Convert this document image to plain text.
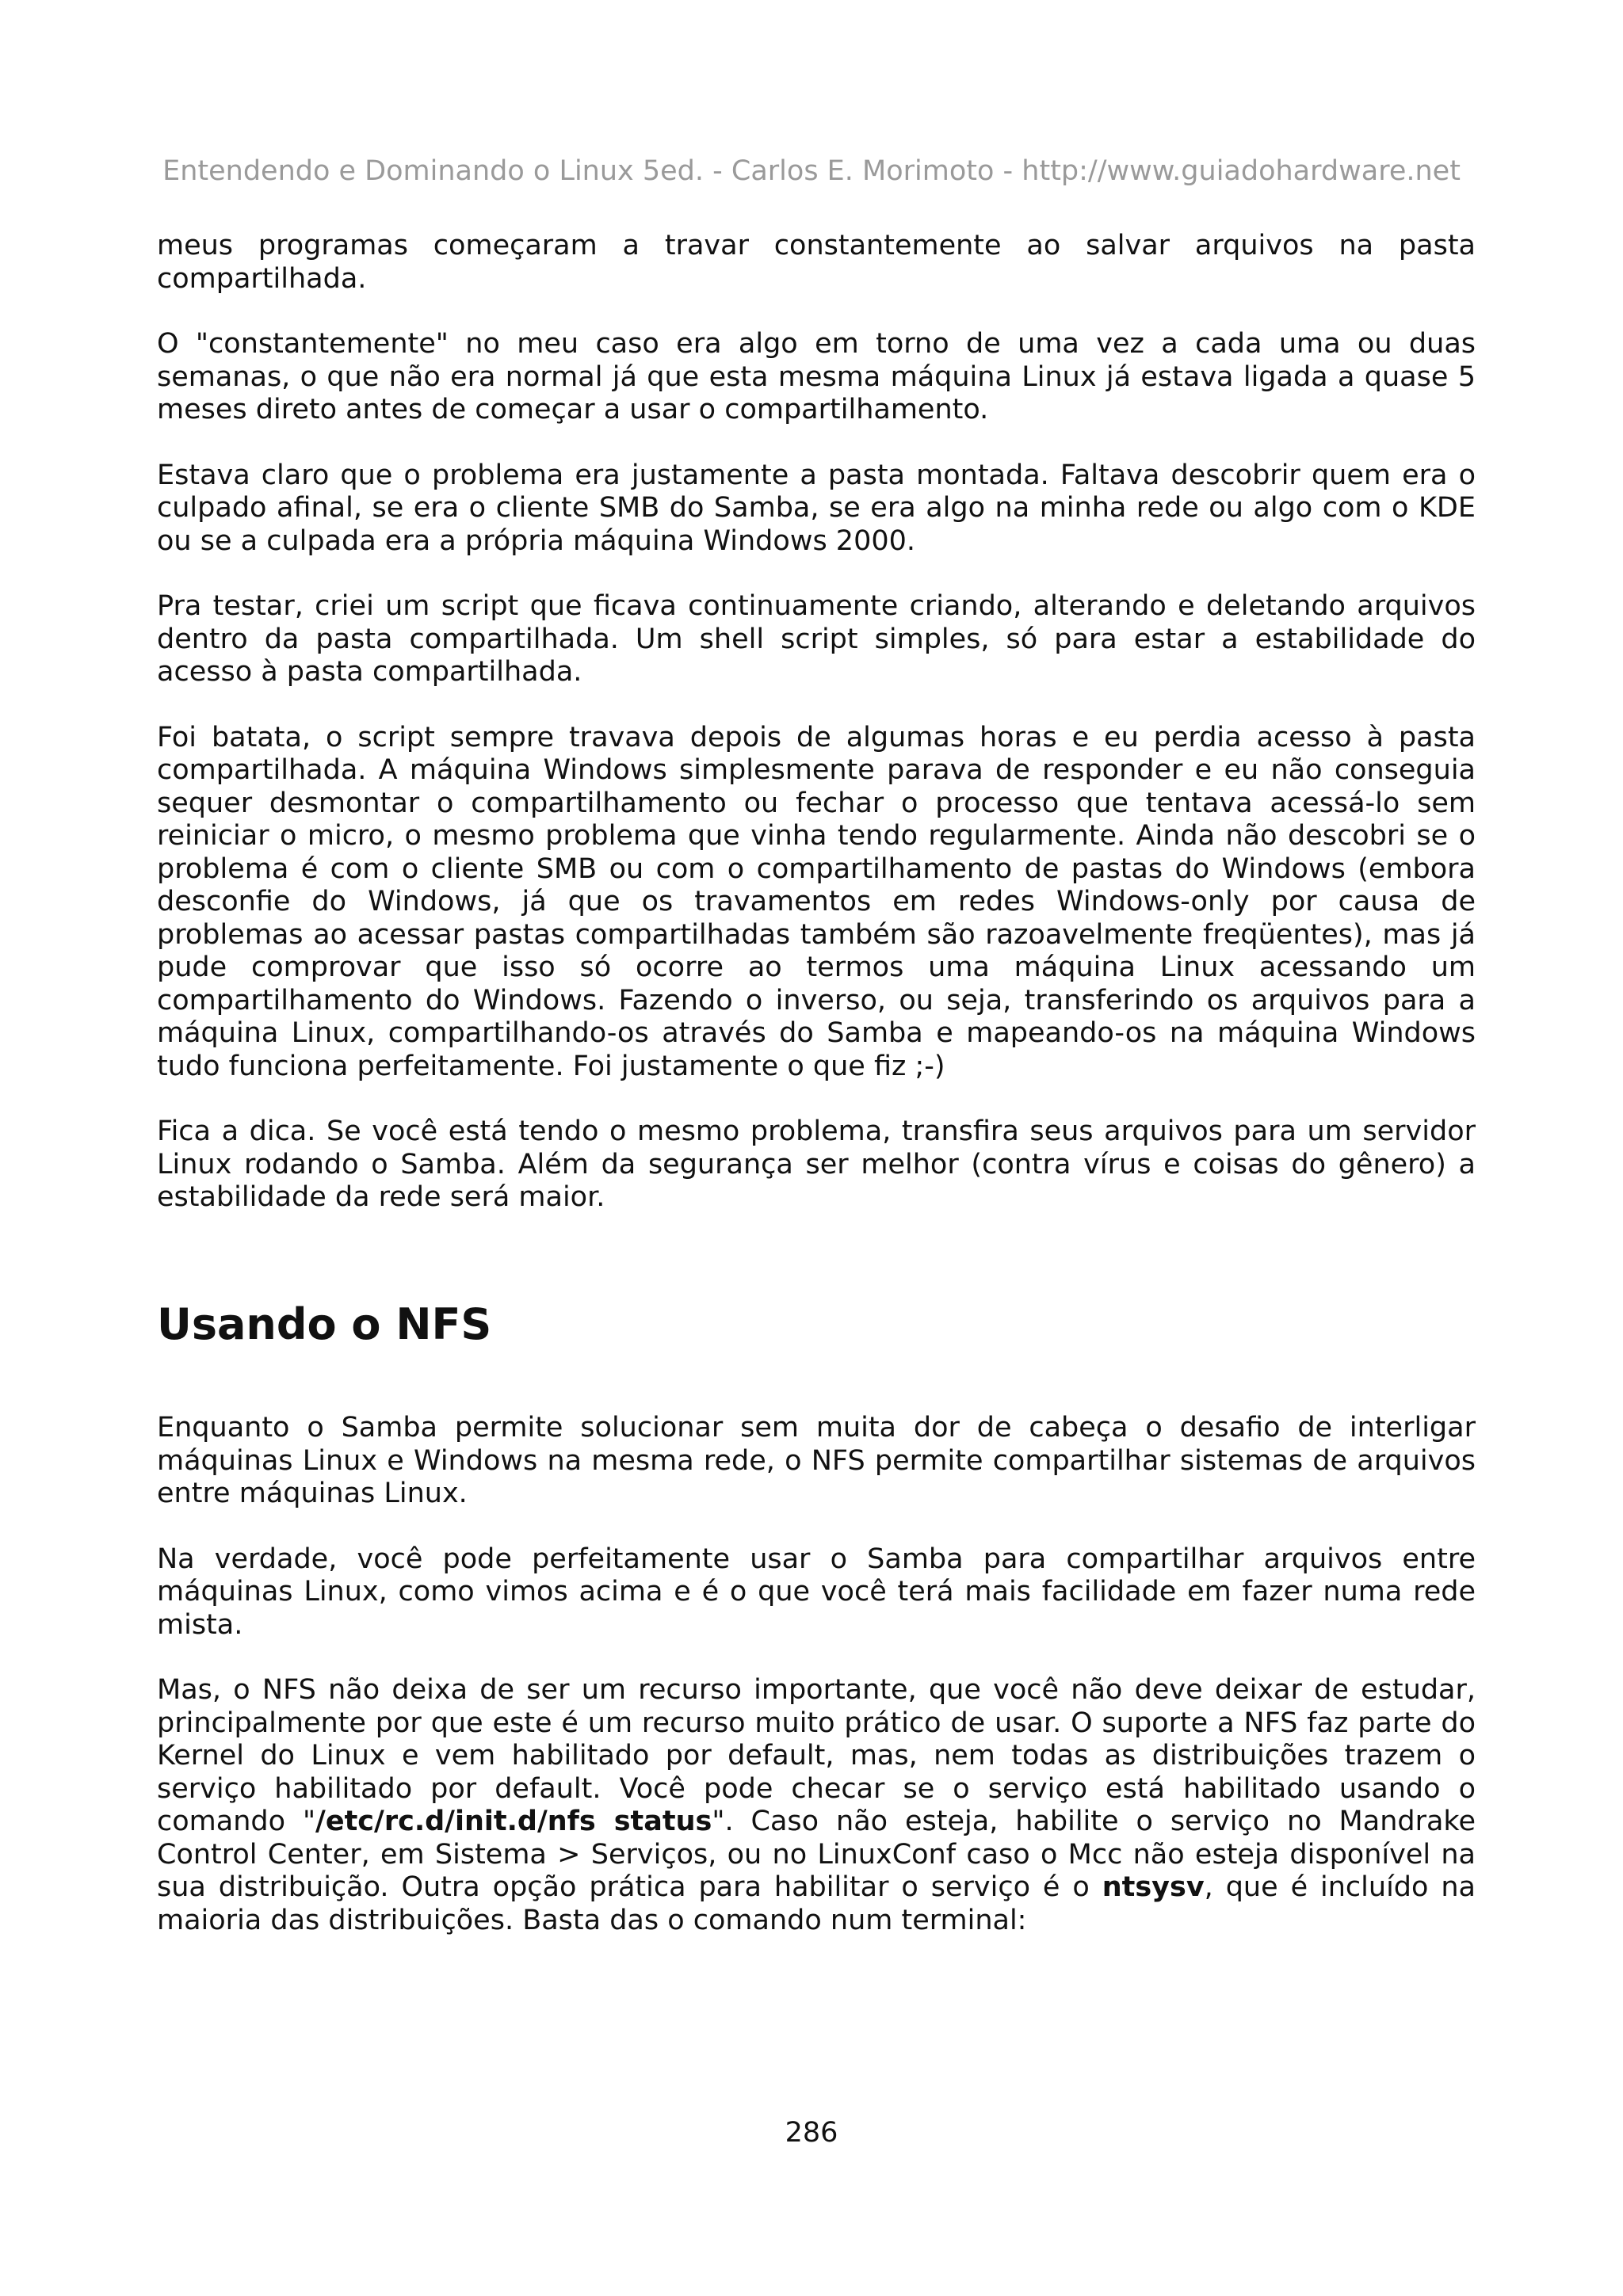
Entendendo e Dominando o Linux 5ed. - Carlos E. Morimoto - http://www.guiadohardware.net

meus programas começaram a travar constantemente ao salvar arquivos na pasta compartilhada.

O "constantemente" no meu caso era algo em torno de uma vez a cada uma ou duas semanas, o que não era normal já que esta mesma máquina Linux já estava ligada a quase 5 meses direto antes de começar a usar o compartilhamento.

Estava claro que o problema era justamente a pasta montada. Faltava descobrir quem era o culpado afinal, se era o cliente SMB do Samba, se era algo na minha rede ou algo com o KDE ou se a culpada era a própria máquina Windows 2000.

Pra testar, criei um script que ficava continuamente criando, alterando e deletando arquivos dentro da pasta compartilhada. Um shell script simples, só para estar a estabilidade do acesso à pasta compartilhada.

Foi batata, o script sempre travava depois de algumas horas e eu perdia acesso à pasta compartilhada. A máquina Windows simplesmente parava de responder e eu não conseguia sequer desmontar o compartilhamento ou fechar o processo que tentava acessá-lo sem reiniciar o micro, o mesmo problema que vinha tendo regularmente. Ainda não descobri se o problema é com o cliente SMB ou com o compartilhamento de pastas do Windows (embora desconfie do Windows, já que os travamentos em redes Windows-only por causa de problemas ao acessar pastas compartilhadas também são razoavelmente freqüentes), mas já pude comprovar que isso só ocorre ao termos uma máquina Linux acessando um compartilhamento do Windows. Fazendo o inverso, ou seja, transferindo os arquivos para a máquina Linux, compartilhando-os através do Samba e mapeando-os na máquina Windows tudo funciona perfeitamente. Foi justamente o que fiz ;-)

Fica a dica. Se você está tendo o mesmo problema, transfira seus arquivos para um servidor Linux rodando o Samba. Além da segurança ser melhor (contra vírus e coisas do gênero) a estabilidade da rede será maior.

Usando o NFS

Enquanto o Samba permite solucionar sem muita dor de cabeça o desafio de interligar máquinas Linux e Windows na mesma rede, o NFS permite compartilhar sistemas de arquivos entre máquinas Linux.

Na verdade, você pode perfeitamente usar o Samba para compartilhar arquivos entre máquinas Linux, como vimos acima e é o que você terá mais facilidade em fazer numa rede mista.

Mas, o NFS não deixa de ser um recurso importante, que você não deve deixar de estudar, principalmente por que este é um recurso muito prático de usar. O suporte a NFS faz parte do Kernel do Linux e vem habilitado por default, mas, nem todas as distribuições trazem o serviço habilitado por default. Você pode checar se o serviço está habilitado usando o comando "/etc/rc.d/init.d/nfs status". Caso não esteja, habilite o serviço no Mandrake Control Center, em Sistema > Serviços, ou no LinuxConf caso o Mcc não esteja disponível na sua distribuição. Outra opção prática para habilitar o serviço é o ntsysv, que é incluído na maioria das distribuições. Basta das o comando num terminal:

286
